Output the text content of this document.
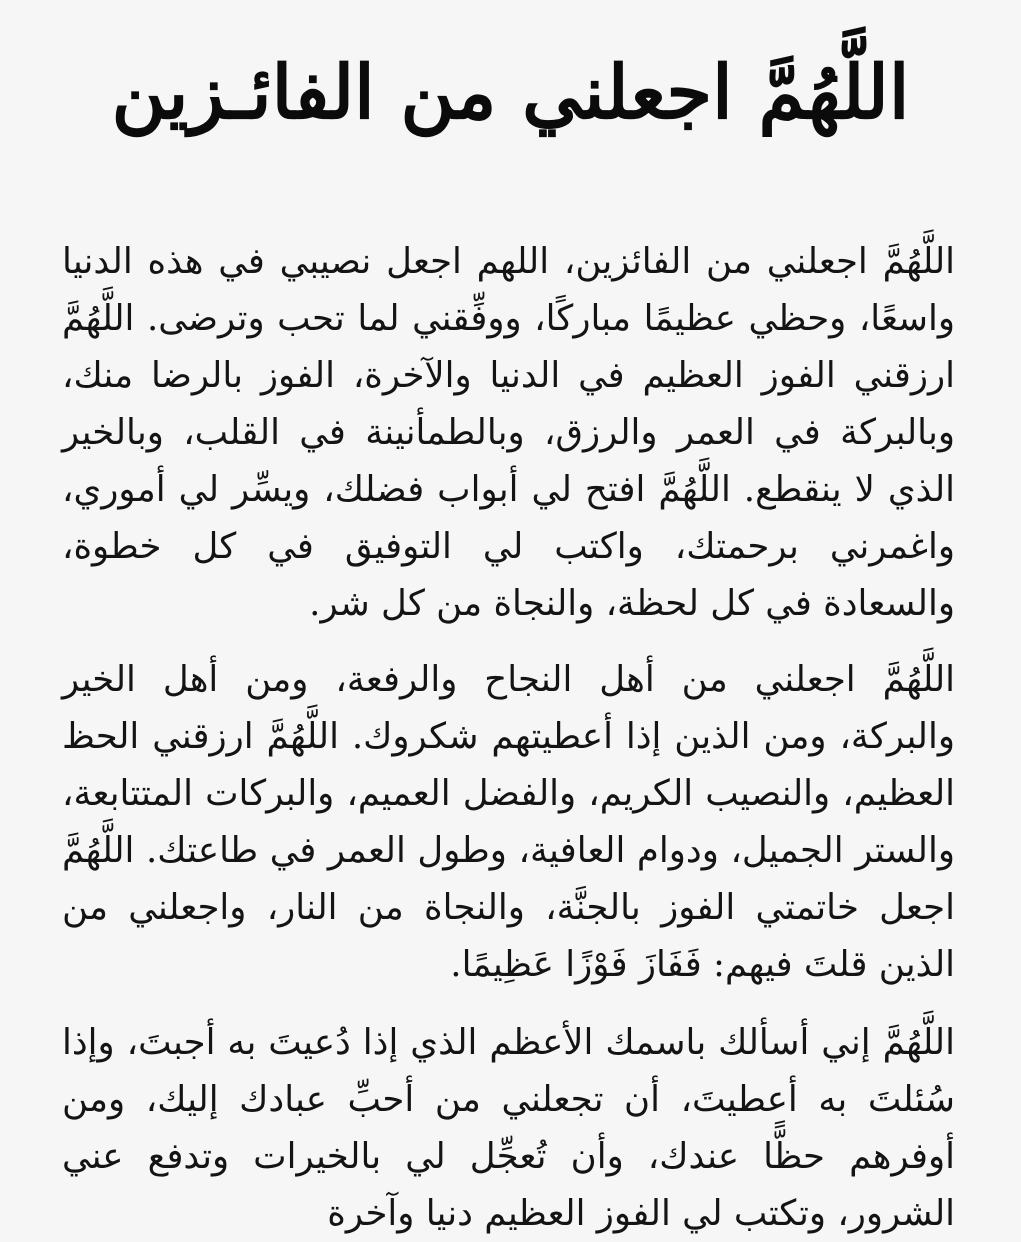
اللَّهُمَّ اجعلني من الفائـزين

اللَّهُمَّ اجعلني من الفائزين، اللهم اجعل نصيبي في هذه الدنيا واسعًا، وحظي عظيمًا مباركًا، ووفِّقني لما تحب وترضى. اللَّهُمَّ ارزقني الفوز العظيم في الدنيا والآخرة، الفوز بالرضا منك، وبالبركة في العمر والرزق، وبالطمأنينة في القلب، وبالخير الذي لا ينقطع. اللَّهُمَّ افتح لي أبواب فضلك، ويسِّر لي أموري، واغمرني برحمتك، واكتب لي التوفيق في كل خطوة، والسعادة في كل لحظة، والنجاة من كل شر.

اللَّهُمَّ اجعلني من أهل النجاح والرفعة، ومن أهل الخير والبركة، ومن الذين إذا أعطيتهم شكروك. اللَّهُمَّ ارزقني الحظ العظيم، والنصيب الكريم، والفضل العميم، والبركات المتتابعة، والستر الجميل، ودوام العافية، وطول العمر في طاعتك. اللَّهُمَّ اجعل خاتمتي الفوز بالجنَّة، والنجاة من النار، واجعلني من الذين قلتَ فيهم: فَفَازَ فَوْزًا عَظِيمًا.

اللَّهُمَّ إني أسألك باسمك الأعظم الذي إذا دُعيتَ به أجبتَ، وإذا سُئلتَ به أعطيتَ، أن تجعلني من أحبِّ عبادك إليك، ومن أوفرهم حظًّا عندك، وأن تُعجِّل لي بالخيرات وتدفع عني الشرور، وتكتب لي الفوز العظيم دنيا وآخرة
